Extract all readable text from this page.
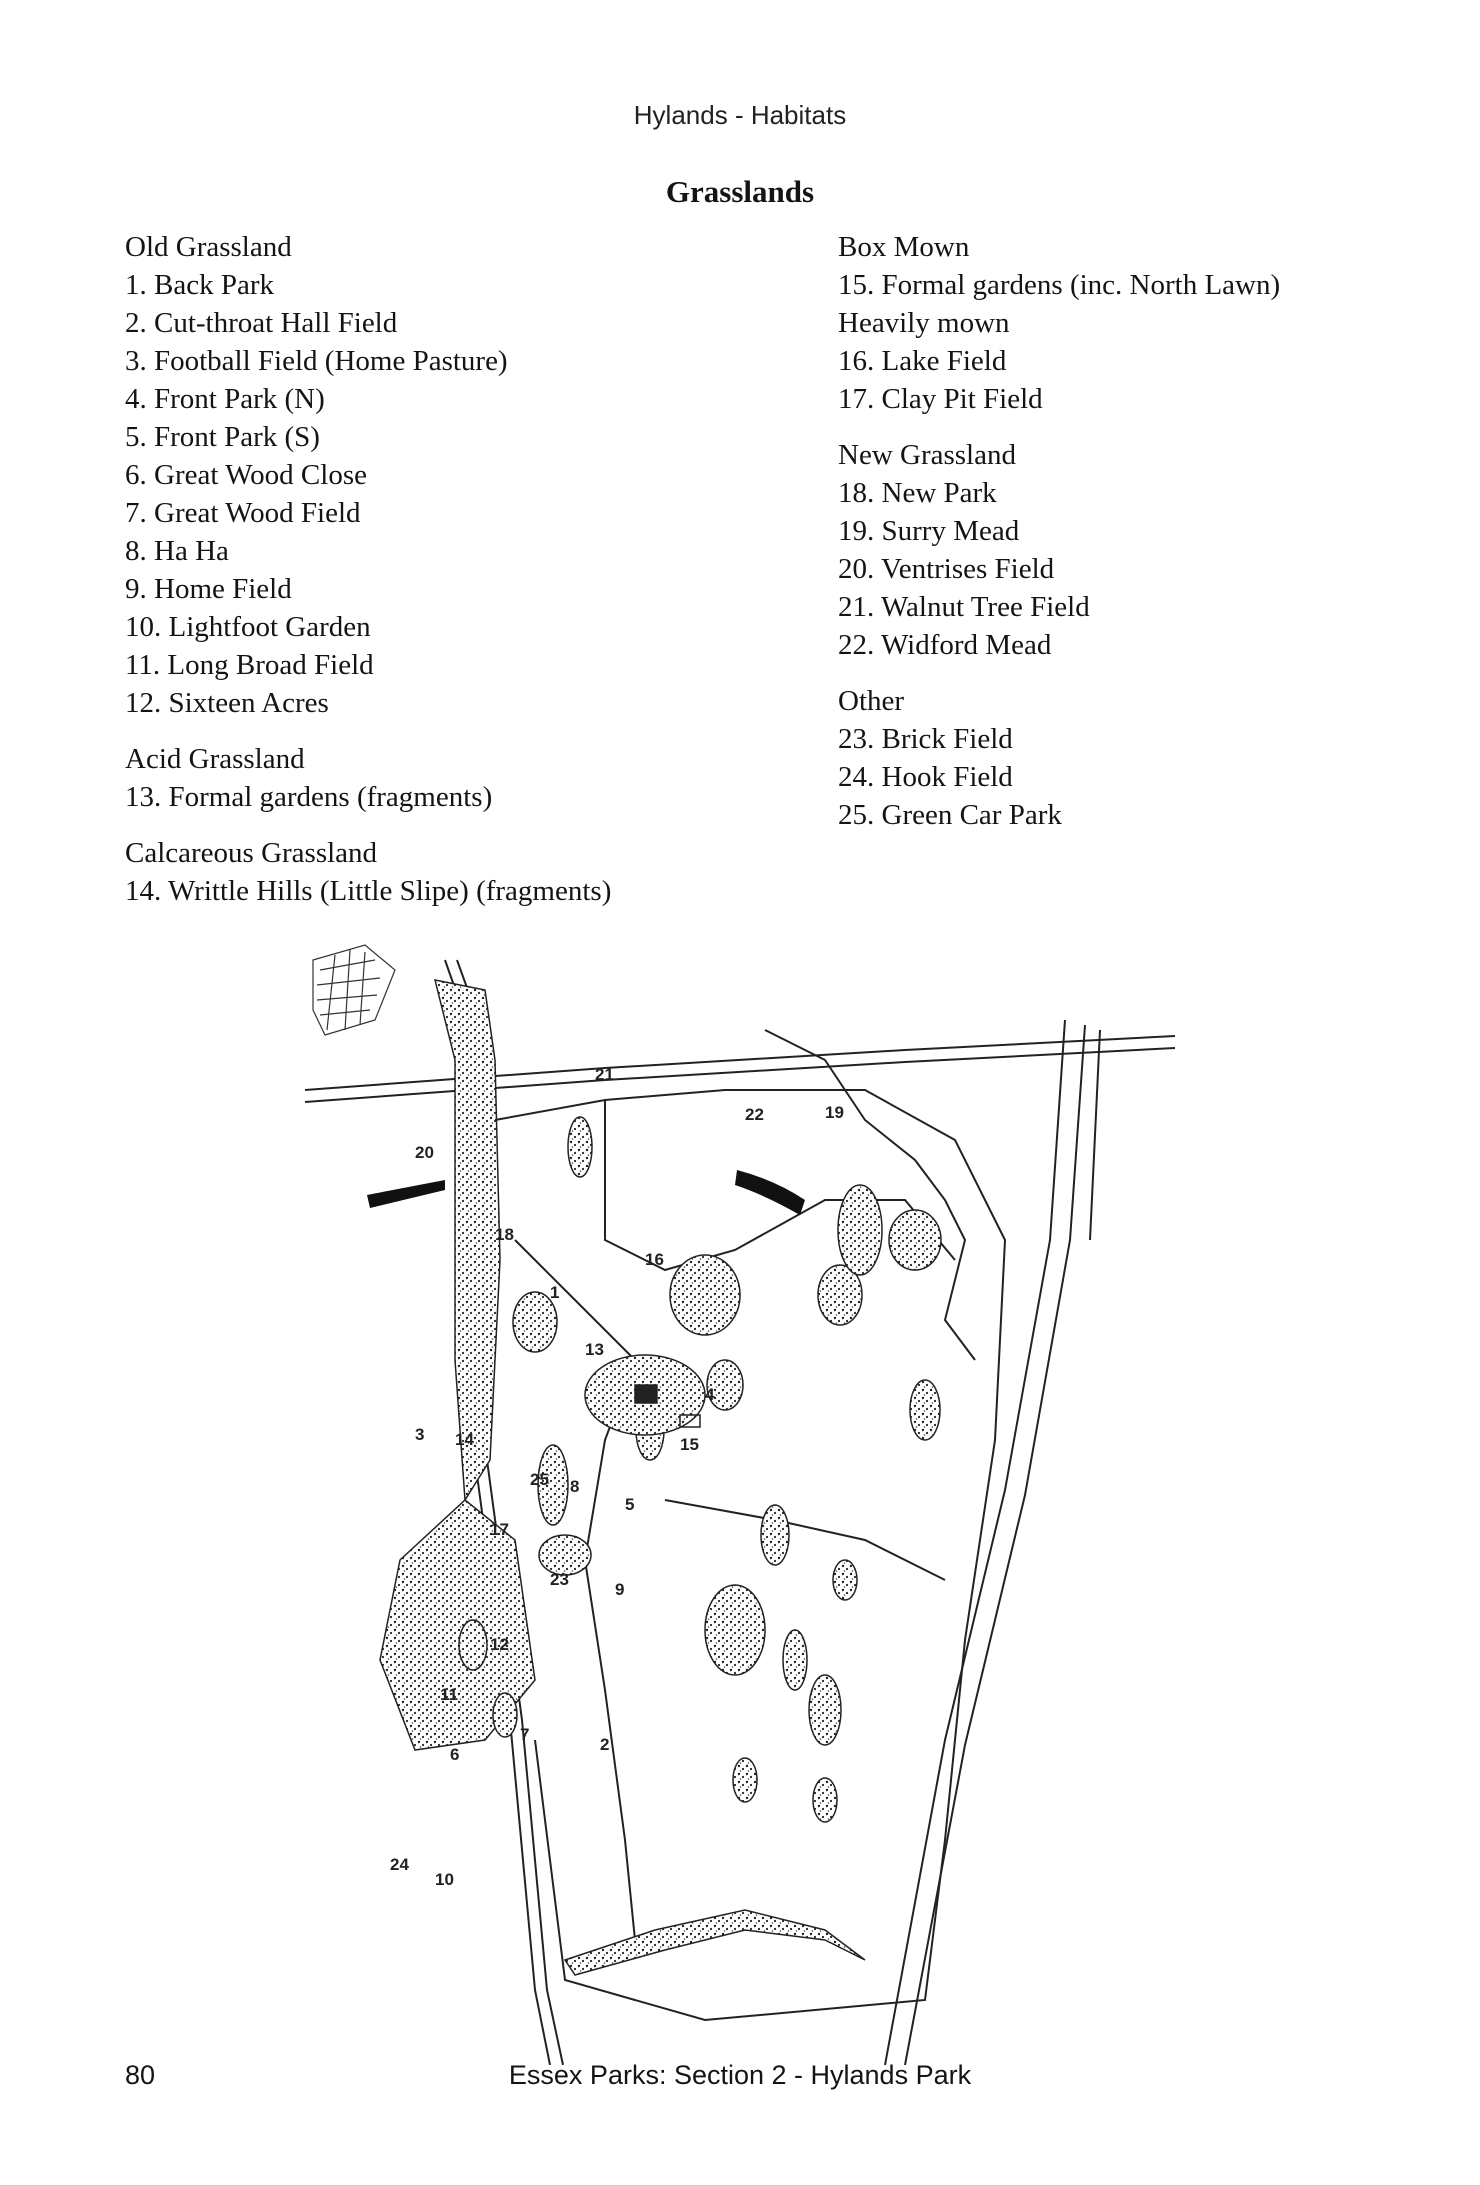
Hylands - Habitats
Grasslands
Old Grassland
1. Back Park
2. Cut-throat Hall Field
3. Football Field (Home Pasture)
4. Front Park (N)
5. Front Park (S)
6. Great Wood Close
7. Great Wood Field
8. Ha Ha
9. Home Field
10. Lightfoot Garden
11. Long Broad Field
12. Sixteen Acres
Acid Grassland
13. Formal gardens (fragments)
Calcareous Grassland
14. Writtle Hills (Little Slipe) (fragments)
Box Mown
15. Formal gardens (inc. North Lawn)
Heavily mown
16. Lake Field
17. Clay Pit Field
New Grassland
18. New Park
19. Surry Mead
20. Ventrises Field
21. Walnut Tree Field
22. Widford Mead
Other
23. Brick Field
24. Hook Field
25. Green Car Park
21
22	19
20
18
16
1
13
4
15
3 14
25 8
5
17
23
9
12
11
7
2
6
24
10
80	Essex Parks: Section 2 - Hylands Park
